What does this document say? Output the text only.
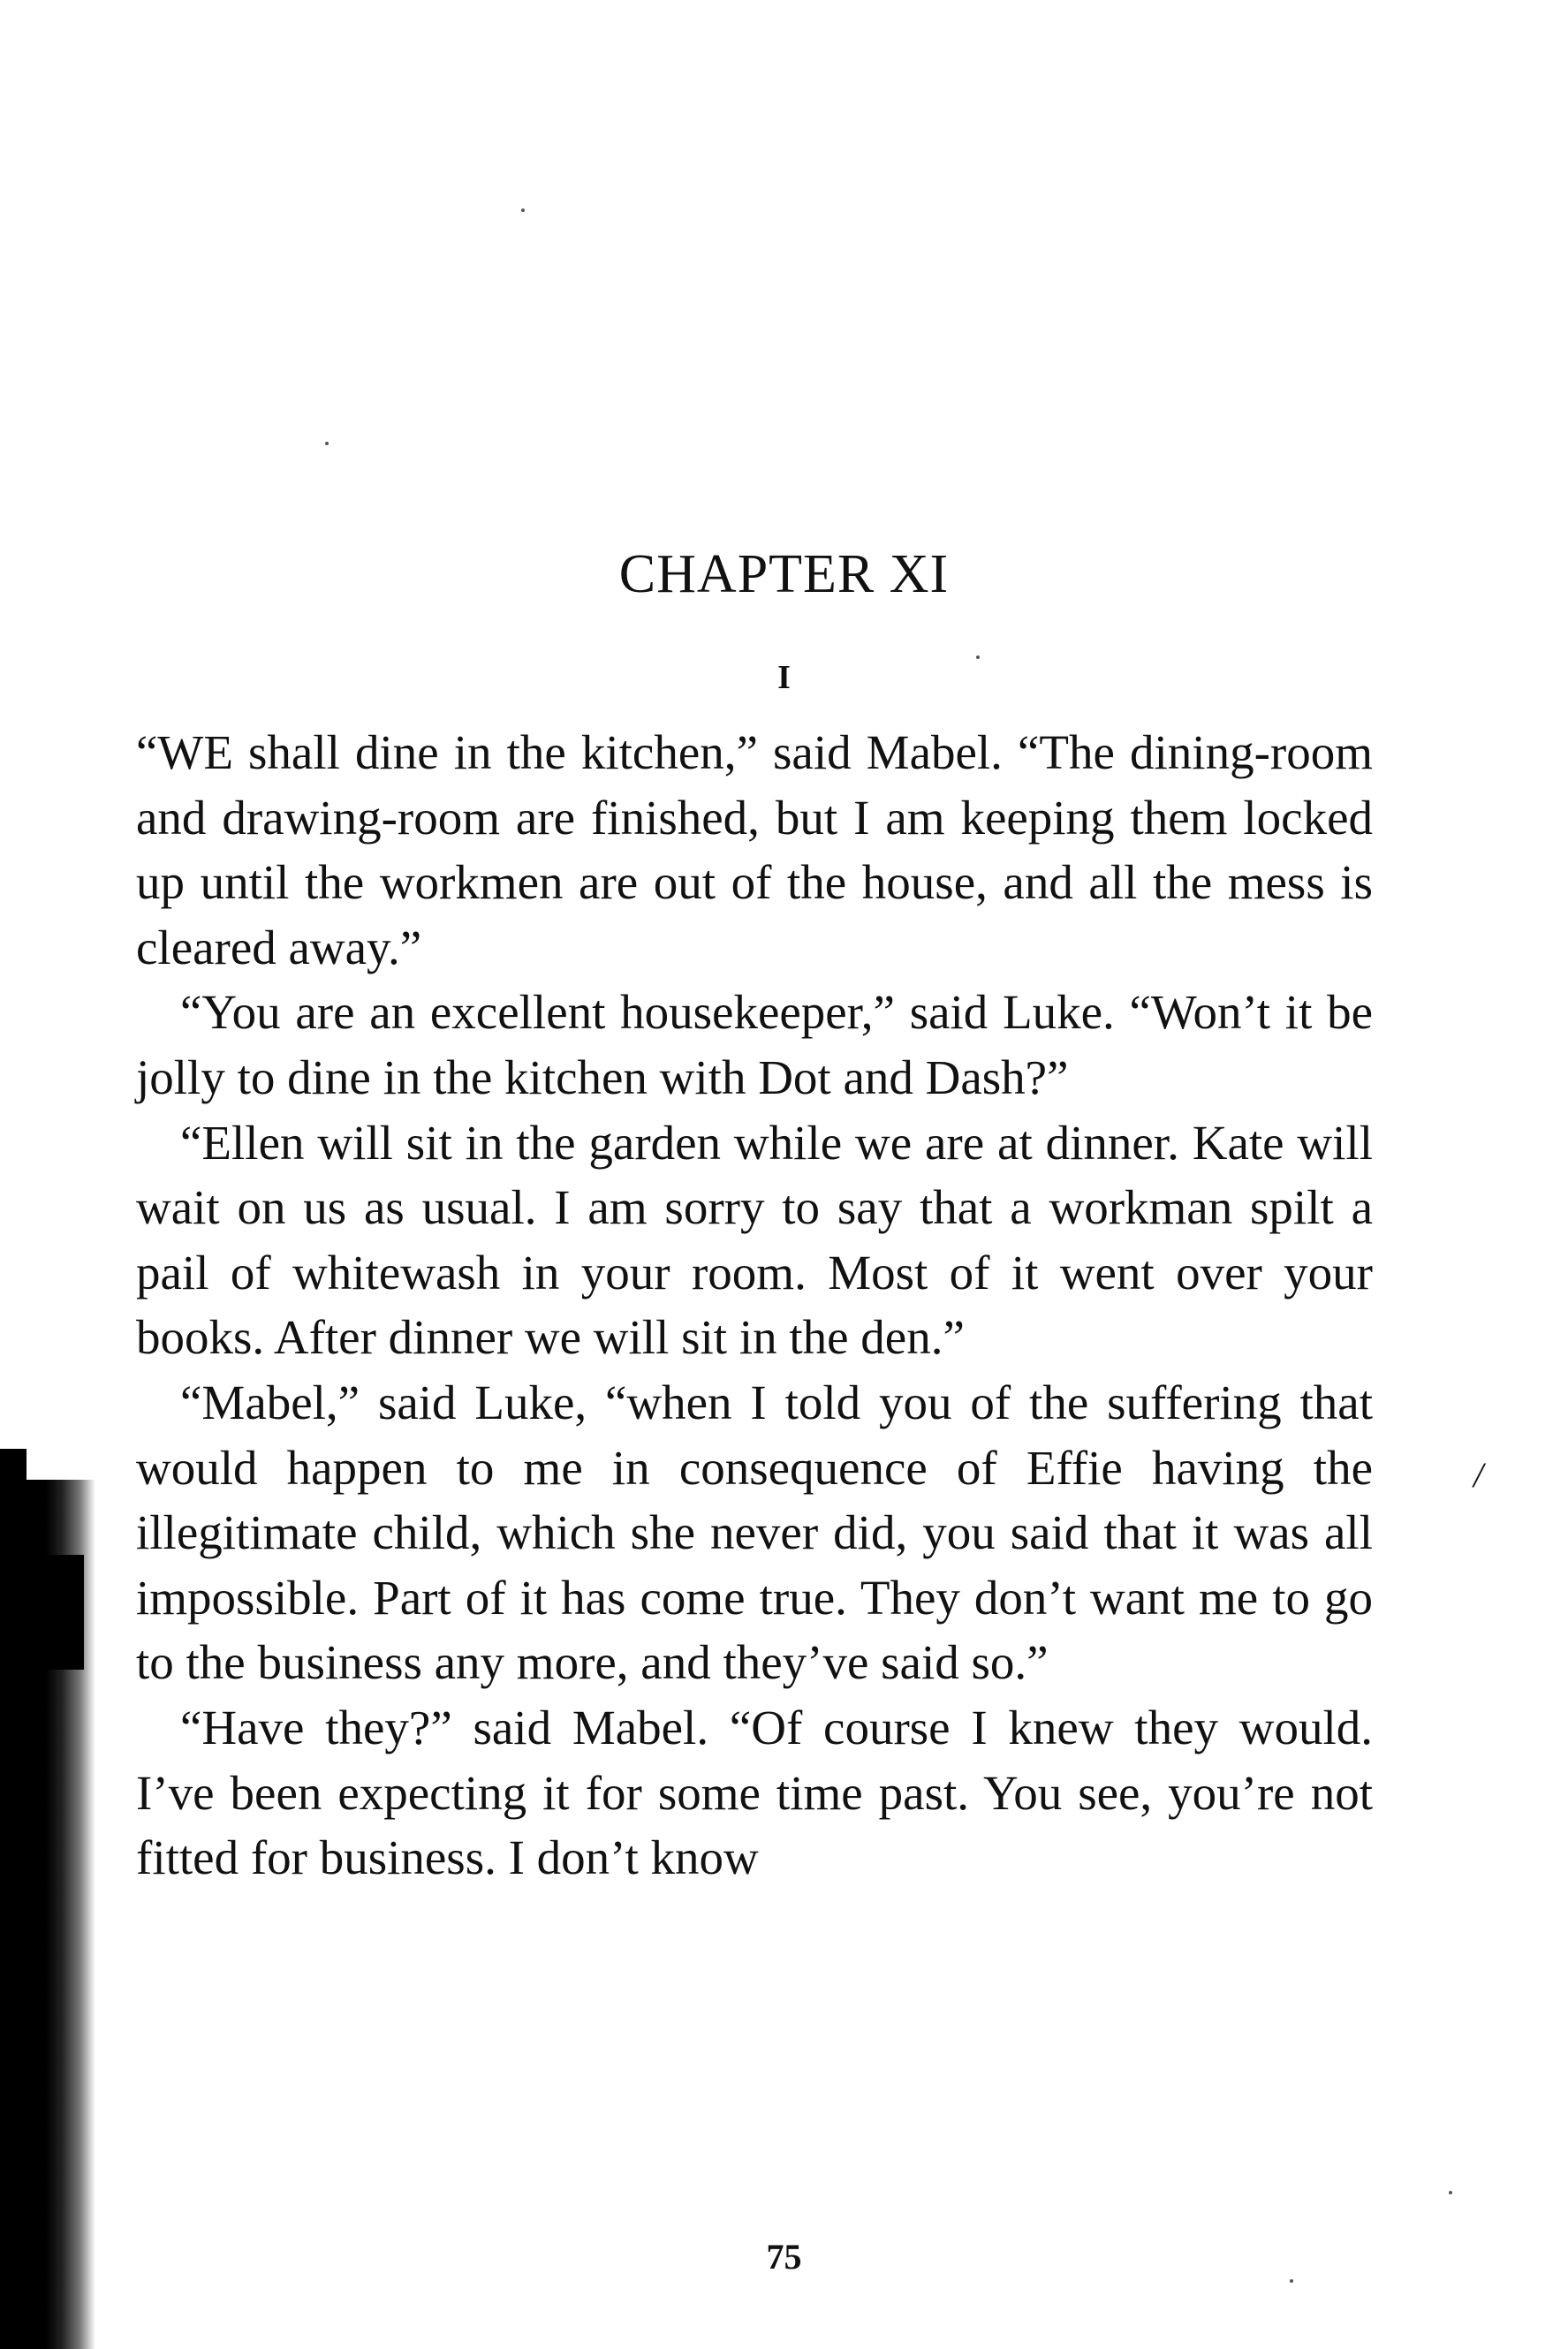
CHAPTER XI
I

“WE shall dine in the kitchen,” said Mabel. “The dining-room and drawing-room are finished, but I am keeping them locked up until the workmen are out of the house, and all the mess is cleared away.”

“You are an excellent housekeeper,” said Luke. “Won’t it be jolly to dine in the kitchen with Dot and Dash?”

“Ellen will sit in the garden while we are at dinner. Kate will wait on us as usual. I am sorry to say that a workman spilt a pail of whitewash in your room. Most of it went over your books. After dinner we will sit in the den.”

“Mabel,” said Luke, “when I told you of the suffering that would happen to me in consequence of Effie having the illegitimate child, which she never did, you said that it was all impossible. Part of it has come true. They don’t want me to go to the business any more, and they’ve said so.”

“Have they?” said Mabel. “Of course I knew they would. I’ve been expecting it for some time past. You see, you’re not fitted for business. I don’t know

/
75
